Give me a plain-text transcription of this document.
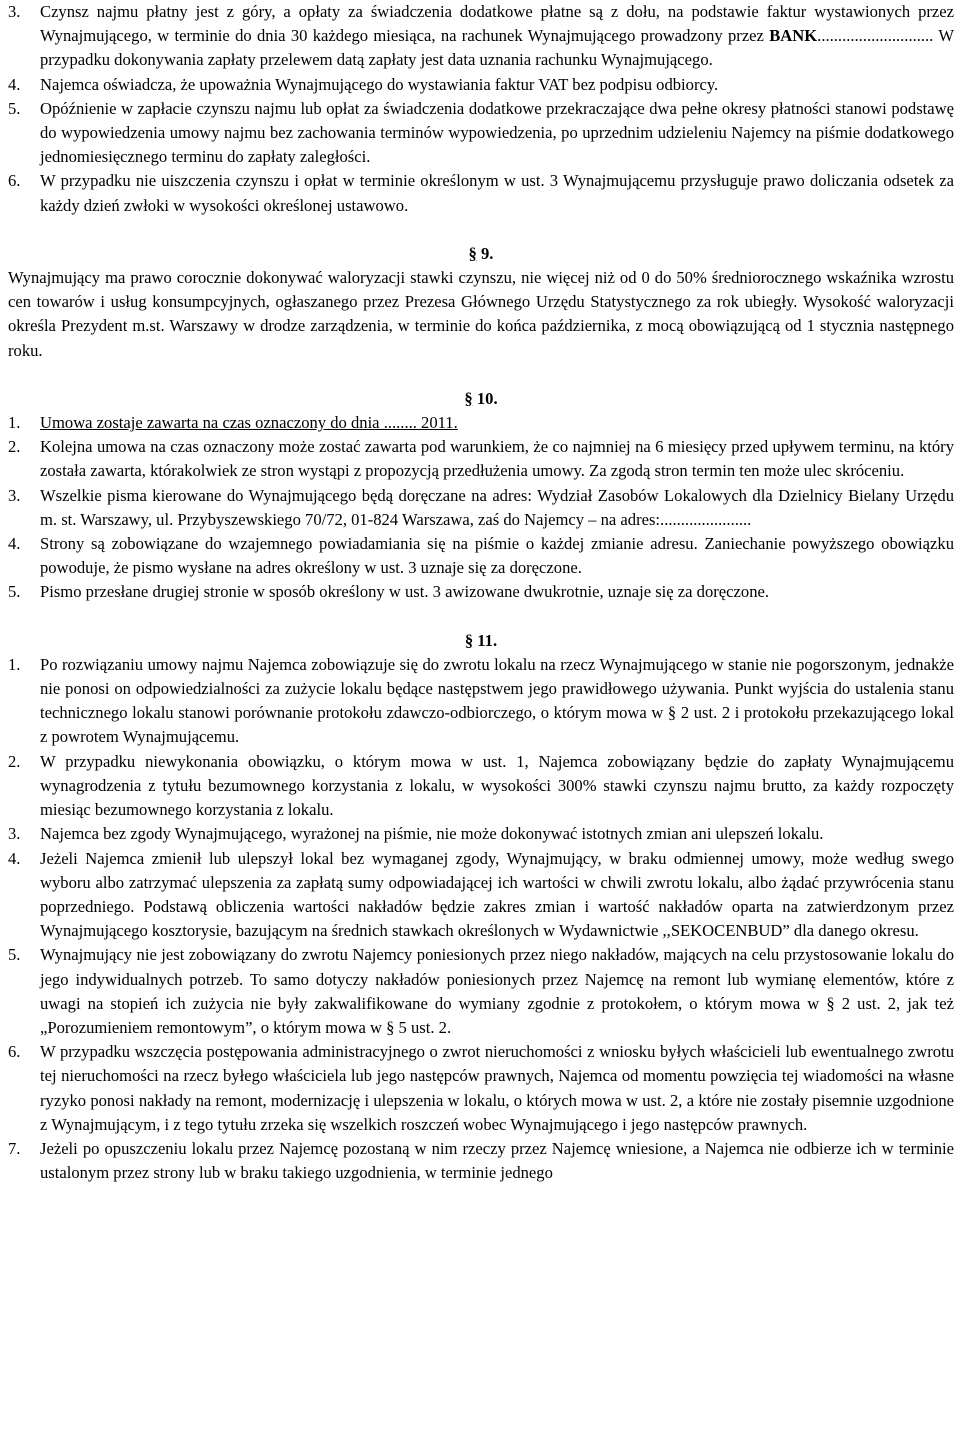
3.	Czynsz najmu płatny jest z góry, a opłaty za świadczenia dodatkowe płatne są z dołu, na podstawie faktur wystawionych przez Wynajmującego, w terminie do dnia 30 każdego miesiąca, na rachunek Wynajmującego prowadzony przez BANK............................ W przypadku dokonywania zapłaty przelewem datą zapłaty jest data uznania rachunku Wynajmującego.
4.	Najemca oświadcza, że upoważnia Wynajmującego do wystawiania faktur VAT bez podpisu odbiorcy.
5.	Opóźnienie w zapłacie czynszu najmu lub opłat za świadczenia dodatkowe przekraczające dwa pełne okresy płatności stanowi podstawę do wypowiedzenia umowy najmu bez zachowania terminów wypowiedzenia, po uprzednim udzieleniu Najemcy na piśmie dodatkowego jednomiesięcznego terminu do zapłaty zaległości.
6.	W przypadku nie uiszczenia czynszu i opłat w terminie określonym w ust. 3 Wynajmującemu przysługuje prawo doliczania odsetek za każdy dzień zwłoki w wysokości określonej ustawowo.
§ 9.
Wynajmujący ma prawo corocznie dokonywać waloryzacji stawki czynszu, nie więcej niż od 0 do 50% średniorocznego wskaźnika wzrostu cen towarów i usług konsumpcyjnych, ogłaszanego przez Prezesa Głównego Urzędu Statystycznego za rok ubiegły. Wysokość waloryzacji określa Prezydent m.st. Warszawy w drodze zarządzenia, w terminie do końca października, z mocą obowiązującą od 1 stycznia następnego roku.
§ 10.
1.	Umowa zostaje zawarta na czas oznaczony do dnia ........ 2011.
2.	Kolejna umowa na czas oznaczony może zostać zawarta pod warunkiem, że co najmniej na 6 miesięcy przed upływem terminu, na który została zawarta, którakolwiek ze stron wystąpi z propozycją przedłużenia umowy. Za zgodą stron termin ten może ulec skróceniu.
3.	Wszelkie pisma kierowane do Wynajmującego będą doręczane na adres: Wydział Zasobów Lokalowych dla Dzielnicy Bielany Urzędu m. st. Warszawy, ul. Przybyszewskiego 70/72, 01-824 Warszawa, zaś do Najemcy – na adres:......................
4.	Strony są zobowiązane do wzajemnego powiadamiania się na piśmie o każdej zmianie adresu. Zaniechanie powyższego obowiązku powoduje, że pismo wysłane na adres określony w ust. 3 uznaje się za doręczone.
5.	Pismo przesłane drugiej stronie w sposób określony w ust. 3 awizowane dwukrotnie, uznaje się za doręczone.
§ 11.
1.	Po rozwiązaniu umowy najmu Najemca zobowiązuje się do zwrotu lokalu na rzecz Wynajmującego w stanie nie pogorszonym, jednakże nie ponosi on odpowiedzialności za zużycie lokalu będące następstwem jego prawidłowego używania. Punkt wyjścia do ustalenia stanu technicznego lokalu stanowi porównanie protokołu zdawczo-odbiorczego, o którym mowa w § 2 ust. 2 i protokołu przekazującego lokal z powrotem Wynajmującemu.
2.	W przypadku niewykonania obowiązku, o którym mowa w ust. 1, Najemca zobowiązany będzie do zapłaty Wynajmującemu wynagrodzenia z tytułu bezumownego korzystania z lokalu, w wysokości 300% stawki czynszu najmu brutto, za każdy rozpoczęty miesiąc bezumownego korzystania z lokalu.
3.	Najemca bez zgody Wynajmującego, wyrażonej na piśmie, nie może dokonywać istotnych zmian ani ulepszeń lokalu.
4.	Jeżeli Najemca zmienił lub ulepszył lokal bez wymaganej zgody, Wynajmujący, w braku odmiennej umowy, może według swego wyboru albo zatrzymać ulepszenia za zapłatą sumy odpowiadającej ich wartości w chwili zwrotu lokalu, albo żądać przywrócenia stanu poprzedniego. Podstawą obliczenia wartości nakładów będzie zakres zmian i wartość nakładów oparta na zatwierdzonym przez Wynajmującego kosztorysie, bazującym na średnich stawkach określonych w Wydawnictwie ,,SEKOCENBUD” dla danego okresu.
5.	Wynajmujący nie jest zobowiązany do zwrotu Najemcy poniesionych przez niego nakładów, mających na celu przystosowanie lokalu do jego indywidualnych potrzeb. To samo dotyczy nakładów poniesionych przez Najemcę na remont lub wymianę elementów, które z uwagi na stopień ich zużycia nie były zakwalifikowane do wymiany zgodnie z protokołem, o którym mowa w § 2 ust. 2, jak też „Porozumieniem remontowym”, o którym mowa w § 5 ust. 2.
6.	W przypadku wszczęcia postępowania administracyjnego o zwrot nieruchomości z wniosku byłych właścicieli lub ewentualnego zwrotu tej nieruchomości na rzecz byłego właściciela lub jego następców prawnych, Najemca od momentu powzięcia tej wiadomości na własne ryzyko ponosi nakłady na remont, modernizację i ulepszenia w lokalu, o których mowa w ust. 2, a które nie zostały pisemnie uzgodnione z Wynajmującym, i z tego tytułu zrzeka się wszelkich roszczeń wobec Wynajmującego i jego następców prawnych.
7.	Jeżeli po opuszczeniu lokalu przez Najemcę pozostaną w nim rzeczy przez Najemcę wniesione, a Najemca nie odbierze ich w terminie ustalonym przez strony lub w braku takiego uzgodnienia, w terminie jednego
